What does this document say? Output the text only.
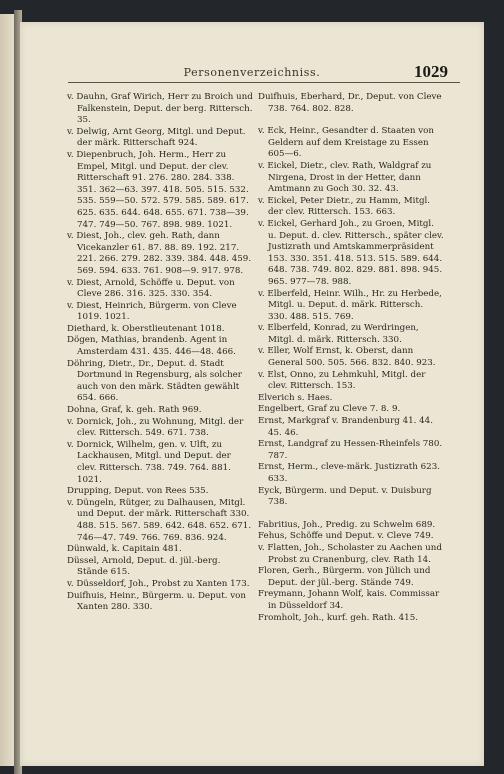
Personenverzeichniss.	1029

v. Dauhn, Graf Wirich, Herr zu Broich und Falkenstein, Deput. der berg. Rittersch. 35.

v. Delwig, Arnt Georg, Mitgl. und Deput. der märk. Ritterschaft 924.

v. Diepenbruch, Joh. Herm., Herr zu Empel, Mitgl. und Deput. der clev. Ritterschaft 91. 276. 280. 284. 338. 351. 362—63. 397. 418. 505. 515. 532. 535. 559—50. 572. 579. 585. 589. 617. 625. 635. 644. 648. 655. 671. 738—39. 747. 749—50. 767. 898. 989. 1021.

v. Diest, Joh., clev. geh. Rath, dann Vicekanzler 61. 87. 88. 89. 192. 217. 221. 266. 279. 282. 339. 384. 448. 459. 569. 594. 633. 761. 908—9. 917. 978.

v. Diest, Arnold, Schöffe u. Deput. von Cleve 286. 316. 325. 330. 354.

v. Diest, Heinrich, Bürgerm. von Cleve 1019. 1021.

Diethard, k. Oberstlieutenant 1018.

Dögen, Mathias, brandenb. Agent in Amsterdam 431. 435. 446—48. 466.

Döhring, Dietr., Dr., Deput. d. Stadt Dortmund in Regensburg, als solcher auch von den märk. Städten gewählt 654. 666.

Dohna, Graf, k. geh. Rath 969.

v. Dornick, Joh., zu Wohnung, Mitgl. der clev. Rittersch. 549. 671. 738.

v. Dornick, Wilhelm, gen. v. Ulft, zu Lackhausen, Mitgl. und Deput. der clev. Rittersch. 738. 749. 764. 881. 1021.

Drupping, Deput. von Rees 535.

v. Düngeln, Rütger, zu Dalhausen, Mitgl. und Deput. der märk. Ritterschaft 330. 488. 515. 567. 589. 642. 648. 652. 671. 746—47. 749. 766. 769. 836. 924.

Dünwald, k. Capitain 481.

Düssel, Arnold, Deput. d. jül.-berg. Stände 615.

v. Düsseldorf, Joh., Probst zu Xanten 173.

Duifhuis, Heinr., Bürgerm. u. Deput. von Xanten 280. 330.

Duifhuis, Eberhard, Dr., Deput. von Cleve 738. 764. 802. 828.

v. Eck, Heinr., Gesandter d. Staaten von Geldern auf dem Kreistage zu Essen 605—6.

v. Eickel, Dietr., clev. Rath, Waldgraf zu Nirgena, Drost in der Hetter, dann Amtmann zu Goch 30. 32. 43.

v. Eickel, Peter Dietr., zu Hamm, Mitgl. der clev. Rittersch. 153. 663.

v. Eickel, Gerhard Joh., zu Groen, Mitgl. u. Deput. d. clev. Rittersch., später clev. Justizrath und Amtskammerpräsident 153. 330. 351. 418. 513. 515. 589. 644. 648. 738. 749. 802. 829. 881. 898. 945. 965. 977—78. 988.

v. Elberfeld, Heinr. Wilh., Hr. zu Herbede, Mitgl. u. Deput. d. märk. Rittersch. 330. 488. 515. 769.

v. Elberfeld, Konrad, zu Werdringen, Mitgl. d. märk. Rittersch. 330.

v. Eller, Wolf Ernst, k. Oberst, dann General 500. 505. 566. 832. 840. 923.

v. Elst, Onno, zu Lehmkuhl, Mitgl. der clev. Rittersch. 153.

Elverich s. Haes.

Engelbert, Graf zu Cleve 7. 8. 9.

Ernst, Markgraf v. Brandenburg 41. 44. 45. 46.

Ernst, Landgraf zu Hessen-Rheinfels 780. 787.

Ernst, Herm., cleve-märk. Justizrath 623. 633.

Eyck, Bürgerm. und Deput. v. Duisburg 738.

Fabritius, Joh., Predig. zu Schwelm 689.

Fehus, Schöffe und Deput. v. Cleve 749.

v. Flatten, Joh., Scholaster zu Aachen und Probst zu Cranenburg, clev. Rath 14.

Floren, Gerh., Bürgerm. von Jülich und Deput. der jül.-berg. Stände 749.

Freymann, Johann Wolf, kais. Commissar in Düsseldorf 34.

Fromholt, Joh., kurf. geh. Rath. 415.
